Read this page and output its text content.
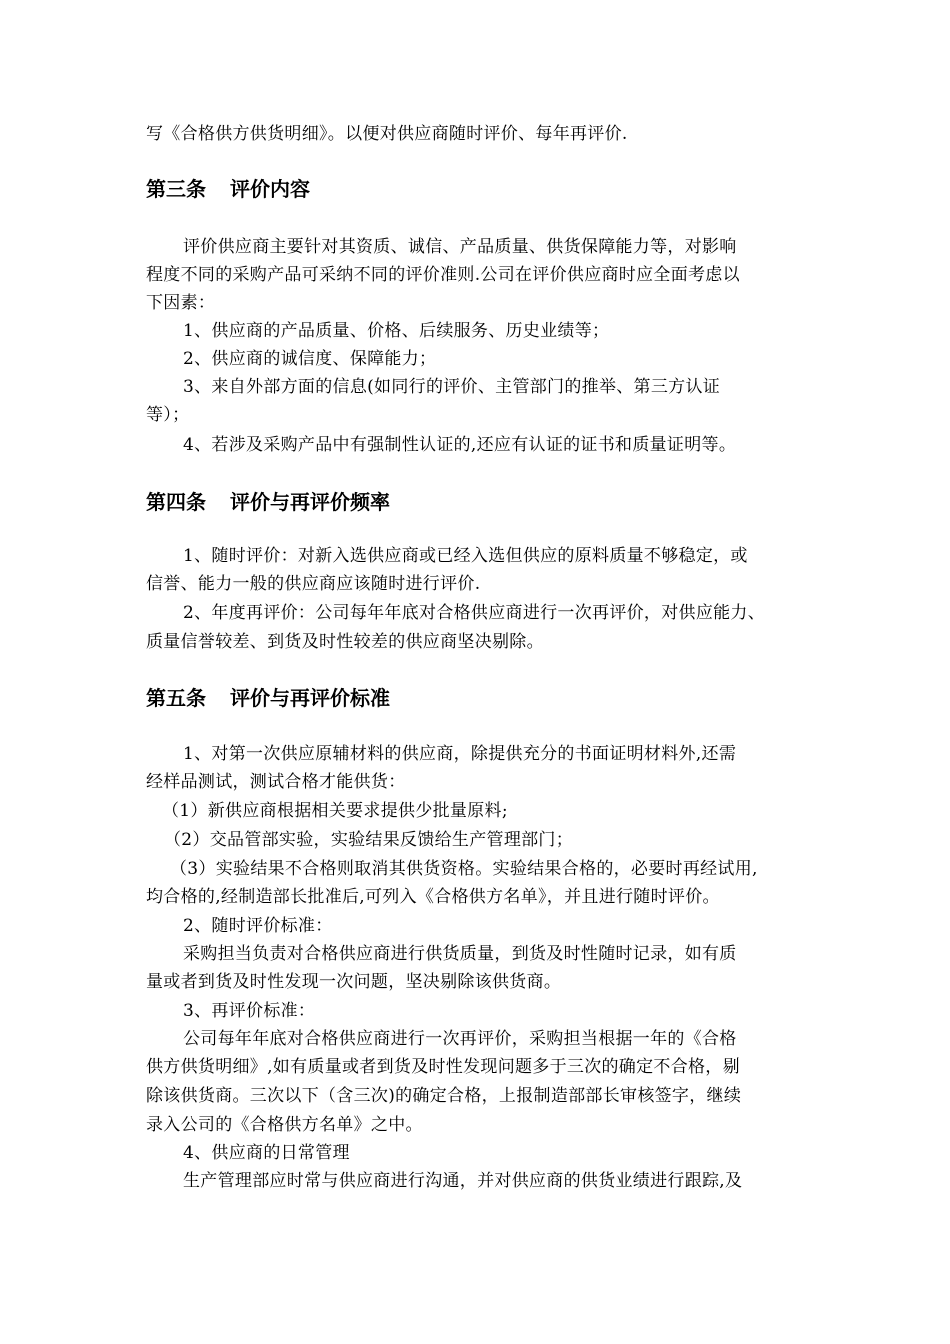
写《合格供方供货明细》。以便对供应商随时评价、每年再评价.
第三条 评价内容
评价供应商主要针对其资质、诚信、产品质量、供货保障能力等，对影响
程度不同的采购产品可采纳不同的评价准则.公司在评价供应商时应全面考虑以
下因素：
1、供应商的产品质量、价格、后续服务、历史业绩等；
2、供应商的诚信度、保障能力；
3、来自外部方面的信息(如同行的评价、主管部门的推举、第三方认证
等）；
4、若涉及采购产品中有强制性认证的,还应有认证的证书和质量证明等。
第四条 评价与再评价频率
1、随时评价：对新入选供应商或已经入选但供应的原料质量不够稳定，或
信誉、能力一般的供应商应该随时进行评价.
2、年度再评价：公司每年年底对合格供应商进行一次再评价，对供应能力、
质量信誉较差、到货及时性较差的供应商坚决剔除。
第五条 评价与再评价标准
1、对第一次供应原辅材料的供应商，除提供充分的书面证明材料外,还需
经样品测试，测试合格才能供货：
（1）新供应商根据相关要求提供少批量原料;
（2）交品管部实验，实验结果反馈给生产管理部门；
（3）实验结果不合格则取消其供货资格。实验结果合格的，必要时再经试用,
均合格的,经制造部长批准后,可列入《合格供方名单》，并且进行随时评价。
2、随时评价标准：
采购担当负责对合格供应商进行供货质量，到货及时性随时记录，如有质
量或者到货及时性发现一次问题，坚决剔除该供货商。
3、再评价标准：
公司每年年底对合格供应商进行一次再评价，采购担当根据一年的《合格
供方供货明细》,如有质量或者到货及时性发现问题多于三次的确定不合格，剔
除该供货商。三次以下（含三次)的确定合格，上报制造部部长审核签字，继续
录入公司的《合格供方名单》之中。
4、供应商的日常管理
生产管理部应时常与供应商进行沟通，并对供应商的供货业绩进行跟踪,及
